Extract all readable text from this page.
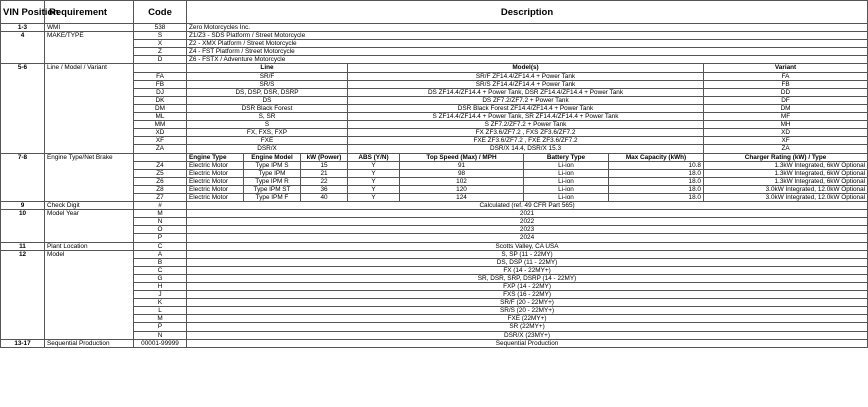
VIN Position	Requirement	Code	Description							
1-3	WMI	538	Zero Motorcycles Inc.							
4	MAKE/TYPE	S	Z1/Z3 - SDS Platform / Street Motorcycle							
		X	Z2 - XMX Platform / Street Motorcycle							
		Z	Z4 - FST Platform / Street Motorcycle							
		D	Z6 - FSTX / Adventure Motorcycle							
5-6	Line / Model / Variant		Line			Model(s)				Variant
		FA	SR/F			SR/F ZF14.4/ZF14.4 + Power Tank				FA
		FB	SR/S			SR/S ZF14.4/ZF14.4 + Power Tank				FB
		DJ	DS, DSP, DSR, DSRP			DS ZF14.4/ZF14.4 + Power Tank, DSR ZF14.4/ZF14.4 + Power Tank				DD
		DK	DS			DS ZF7.2/ZF7.2 + Power Tank				DF
		DM	DSR Black Forest			DSR Black Forest ZF14.4/ZF14.4 + Power Tank				DM
		ML	S, SR			S ZF14.4/ZF14.4 + Power Tank, SR ZF14.4/ZF14.4 + Power Tank				MF
		MM	S			S ZF7.2/ZF7.2 + Power Tank				MH
		XD	FX, FXS, FXP			FX ZF3.6/ZF7.2 , FXS ZF3.6/ZF7.2				XD
		XF	FXE			FXE ZF3.6/ZF7.2 , FXE ZF3.6/ZF7.2				XF
		ZA	DSR/X			DSR/X 14.4, DSR/X 15.3				ZA
7-8	Engine Type/Net Brake		Engine Type	Engine Model	kW (Power)	ABS (Y/N)	Top Speed (Max) / MPH	Battery Type	Max Capacity (kWh)	Charger Rating (kW) / Type
		Z4	Electric Motor	Type IPM S	15	Y	91	Li-ion	10.8	1.3kW Integrated, 6kW Optional
		Z5	Electric Motor	Type IPM	21	Y	98	Li-ion	18.0	1.3kW Integrated, 6kW Optional
		Z6	Electric Motor	Type IPM R	22	Y	102	Li-ion	18.0	1.3kW Integrated, 6kW Optional
		Z8	Electric Motor	Type IPM ST	36	Y	120	Li-ion	18.0	3.0kW Integrated, 12.0kW Optional
		Z7	Electric Motor	Type IPM F	40	Y	124	Li-ion	18.0	3.0kW Integrated, 12.0kW Optional
9	Check Digit	#	Calculated (ref. 49 CFR Part 565)							
10	Model Year	M	2021							
		N	2022							
		O	2023							
		P	2024							
11	Plant Location	C	Scotts Valley, CA USA							
12	Model	A	S, SP (11 - 22MY)							
		B	DS, DSP (11 - 22MY)							
		C	FX (14 - 22MY+)							
		G	SR, DSR, SRP, DSRP (14 - 22MY)							
		H	FXP (14 - 22MY)							
		J	FXS (16 - 22MY)							
		K	SR/F (20 - 22MY+)							
		L	SR/S (20 - 22MY+)							
		M	FXE (22MY+)							
		P	SR (22MY+)							
		N	DSR/X (23MY+)							
13-17	Sequential Production	00001-99999	Sequential Production							
